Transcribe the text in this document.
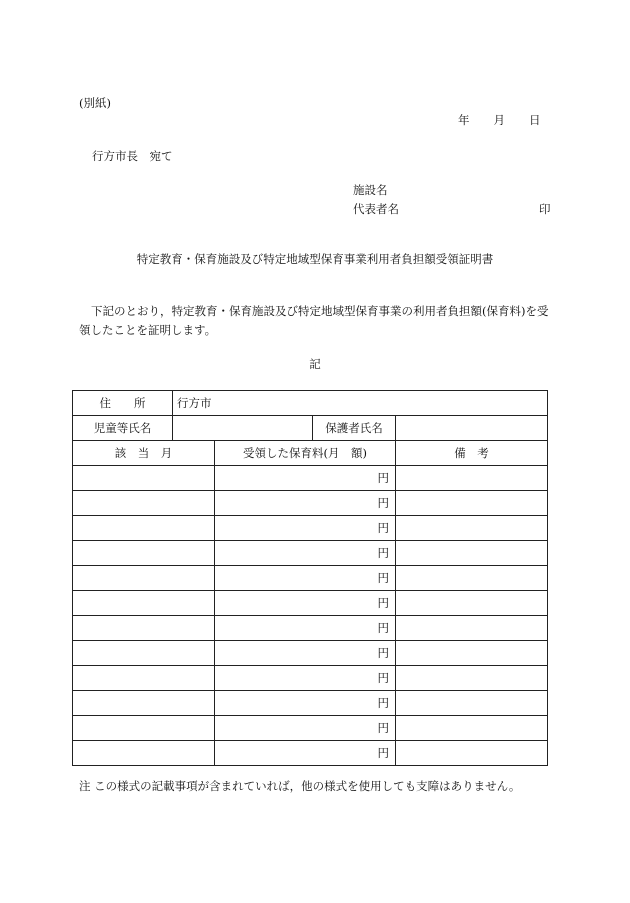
(別紙)
年 月 日
行方市長　宛て
施設名
代表者名	印
特定教育・保育施設及び特定地域型保育事業利用者負担額受領証明書
下記のとおり，特定教育・保育施設及び特定地域型保育事業の利用者負担額(保育料)を受領したことを証明します。
記
住　　所	行方市			
児童等氏名			保護者氏名	
該　当　月		受領した保育料(月　額)		備　考
		円		
		円		
		円		
		円		
		円		
		円		
		円		
		円		
		円		
		円		
		円		
		円		
注 この様式の記載事項が含まれていれば，他の様式を使用しても支障はありません。
